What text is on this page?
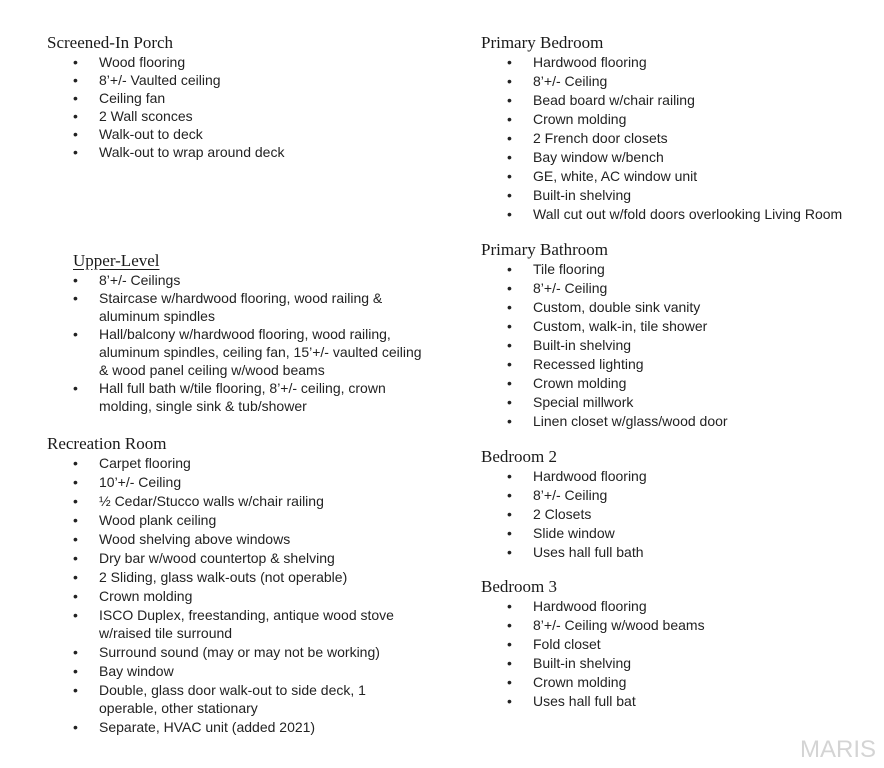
Screened-In Porch
• Wood flooring
• 8’+/- Vaulted ceiling
• Ceiling fan
• 2 Wall sconces
• Walk-out to deck
• Walk-out to wrap around deck
Upper-Level
• 8’+/- Ceilings
• Staircase w/hardwood flooring, wood railing & aluminum spindles
• Hall/balcony w/hardwood flooring, wood railing, aluminum spindles, ceiling fan, 15’+/- vaulted ceiling & wood panel ceiling w/wood beams
• Hall full bath w/tile flooring, 8’+/- ceiling, crown molding, single sink & tub/shower
Recreation Room
• Carpet flooring
• 10’+/- Ceiling
• ½ Cedar/Stucco walls w/chair railing
• Wood plank ceiling
• Wood shelving above windows
• Dry bar w/wood countertop & shelving
• 2 Sliding, glass walk-outs (not operable)
• Crown molding
• ISCO Duplex, freestanding, antique wood stove w/raised tile surround
• Surround sound (may or may not be working)
• Bay window
• Double, glass door walk-out to side deck, 1 operable, other stationary
• Separate, HVAC unit (added 2021)
Primary Bedroom
• Hardwood flooring
• 8’+/- Ceiling
• Bead board w/chair railing
• Crown molding
• 2 French door closets
• Bay window w/bench
• GE, white, AC window unit
• Built-in shelving
• Wall cut out w/fold doors overlooking Living Room
Primary Bathroom
• Tile flooring
• 8’+/- Ceiling
• Custom, double sink vanity
• Custom, walk-in, tile shower
• Built-in shelving
• Recessed lighting
• Crown molding
• Special millwork
• Linen closet w/glass/wood door
Bedroom 2
• Hardwood flooring
• 8’+/- Ceiling
• 2 Closets
• Slide window
• Uses hall full bath
Bedroom 3
• Hardwood flooring
• 8’+/- Ceiling w/wood beams
• Fold closet
• Built-in shelving
• Crown molding
• Uses hall full bat
MARIS
